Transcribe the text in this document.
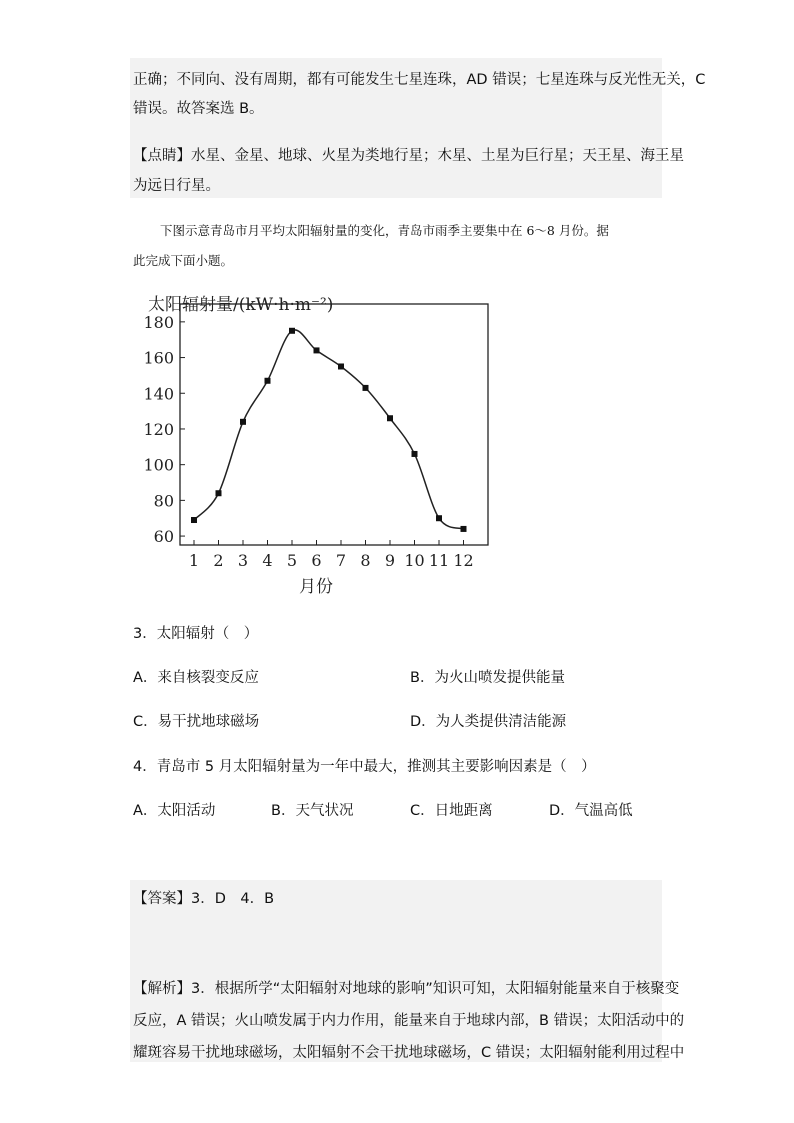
正确；不同向、没有周期，都有可能发生七星连珠，AD 错误；七星连珠与反光性无关，C
错误。故答案选 B。
【点睛】水星、金星、地球、火星为类地行星；木星、土星为巨行星；天王星、海王星
为远日行星。
下图示意青岛市月平均太阳辐射量的变化，青岛市雨季主要集中在 6～8 月份。据
此完成下面小题。
太阳辐射量/(kW·h·m⁻²)
60
80
100
120
140
160
180
1 2 3 4 5 6 7 8 9 10 11 12
月份
3．太阳辐射（　）
A．来自核裂变反应	B．为火山喷发提供能量
C．易干扰地球磁场	D．为人类提供清洁能源
4．青岛市 5 月太阳辐射量为一年中最大，推测其主要影响因素是（　）
A．太阳活动	B．天气状况	C．日地距离	D．气温高低
【答案】3．D　4．B
【解析】3．根据所学“太阳辐射对地球的影响”知识可知，太阳辐射能量来自于核聚变
反应，A 错误；火山喷发属于内力作用，能量来自于地球内部，B 错误；太阳活动中的
耀斑容易干扰地球磁场，太阳辐射不会干扰地球磁场，C 错误；太阳辐射能利用过程中
